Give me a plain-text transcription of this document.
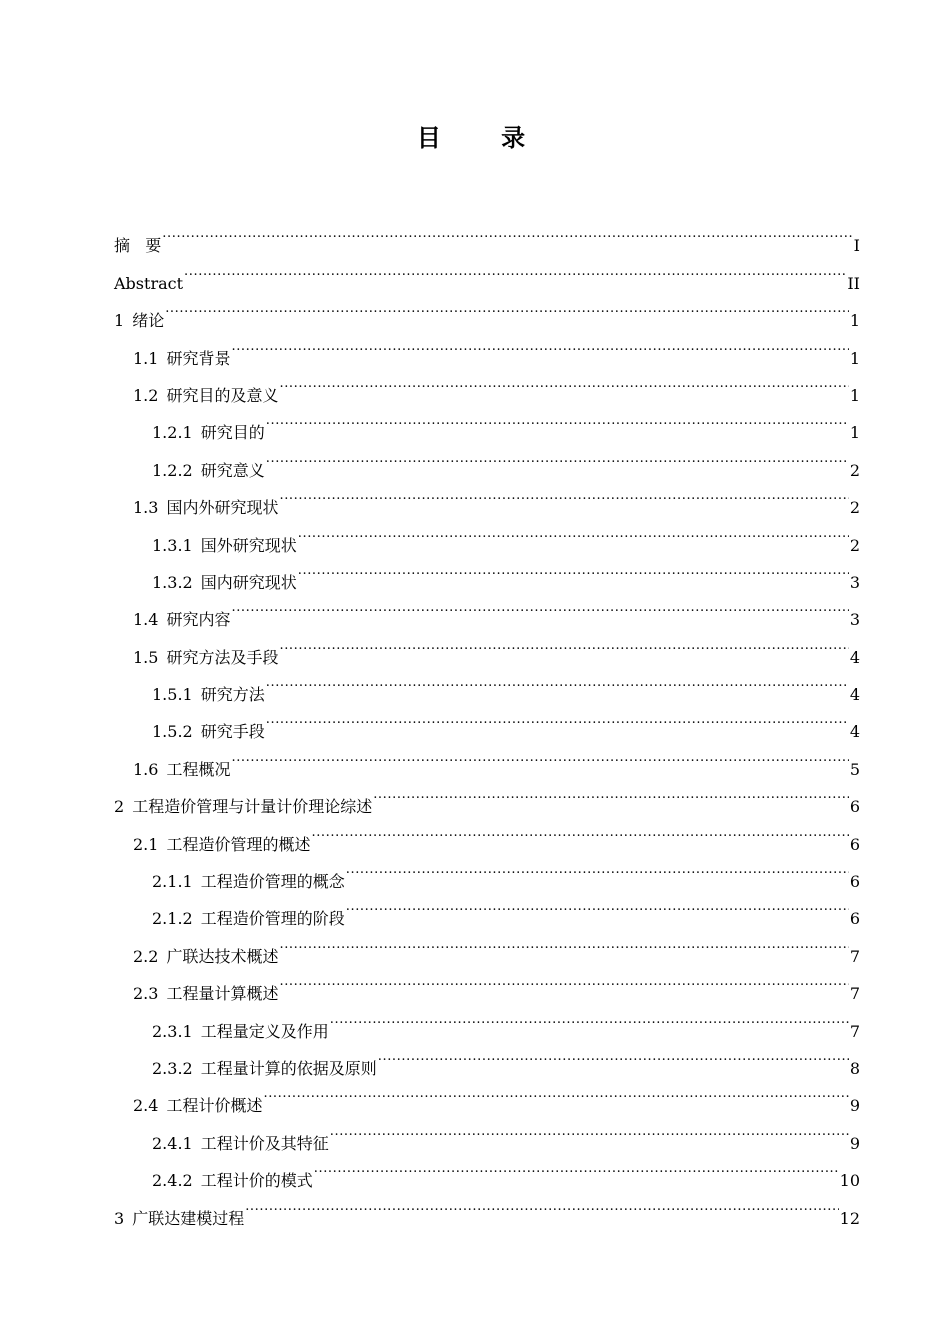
目 录
摘   要 .....	I
Abstract .....	II
1 绪论 .....	1
1.1 研究背景 .....	1
1.2 研究目的及意义 .....	1
1.2.1 研究目的 .....	1
1.2.2 研究意义 .....	2
1.3 国内外研究现状 .....	2
1.3.1 国外研究现状 .....	2
1.3.2 国内研究现状 .....	3
1.4 研究内容 .....	3
1.5 研究方法及手段 .....	4
1.5.1 研究方法 .....	4
1.5.2 研究手段 .....	4
1.6 工程概况 .....	5
2 工程造价管理与计量计价理论综述 .....	6
2.1 工程造价管理的概述 .....	6
2.1.1 工程造价管理的概念 .....	6
2.1.2 工程造价管理的阶段 .....	6
2.2 广联达技术概述 .....	7
2.3 工程量计算概述 .....	7
2.3.1 工程量定义及作用 .....	7
2.3.2 工程量计算的依据及原则 .....	8
2.4 工程计价概述 .....	9
2.4.1 工程计价及其特征 .....	9
2.4.2 工程计价的模式 .....	10
3 广联达建模过程 .....	12
